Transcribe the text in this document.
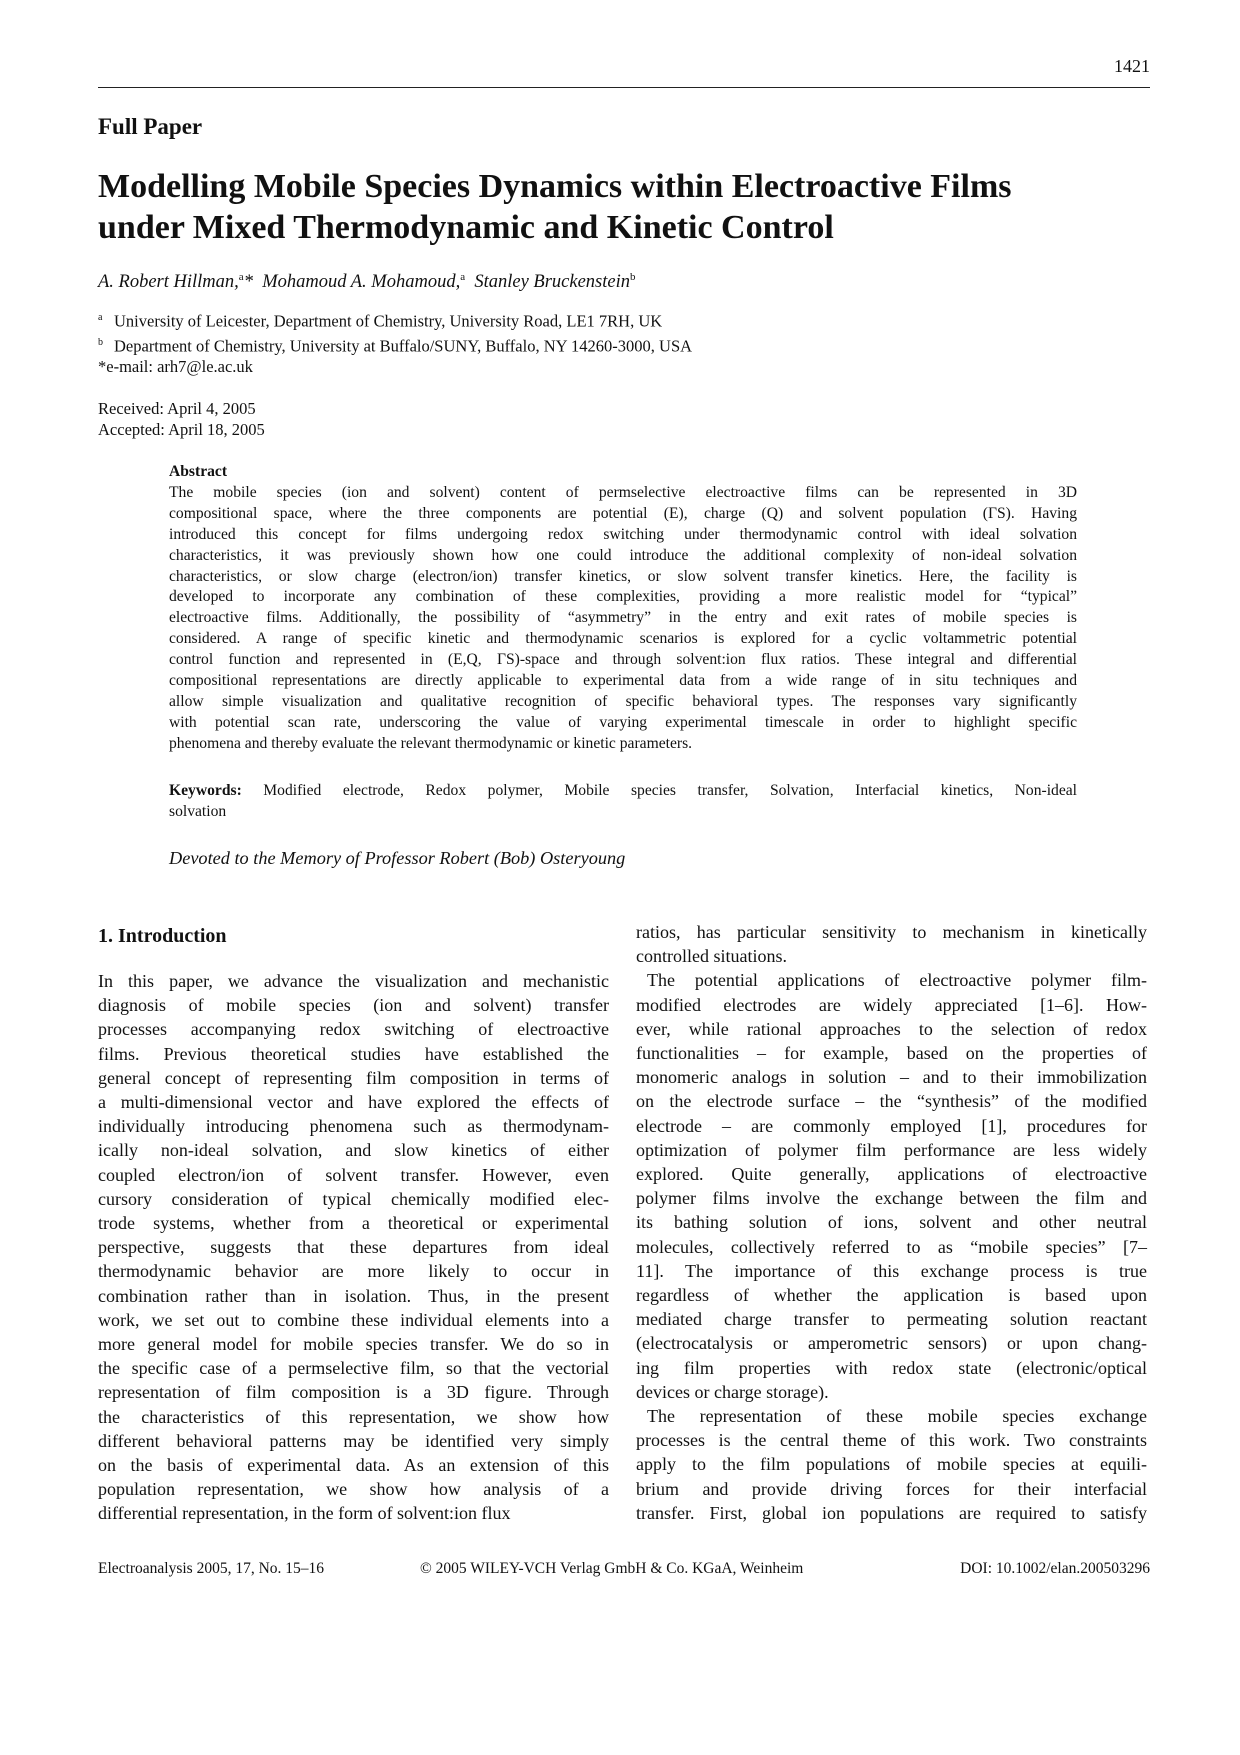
1421
Full Paper
Modelling Mobile Species Dynamics within Electroactive Films
under Mixed Thermodynamic and Kinetic Control
A. Robert Hillman,$^a$*  Mohamoud A. Mohamoud,$^a$ Stanley Bruckenstein$^b$
$^a$ University of Leicester, Department of Chemistry, University Road, LE1 7RH, UK
$^b$ Department of Chemistry, University at Buffalo/SUNY, Buffalo, NY 14260-3000, USA
*e-mail: arh7@le.ac.uk
Received: April 4, 2005
Accepted: April 18, 2005
Abstract
The mobile species (ion and solvent) content of permselective electroactive films can be represented in 3D
compositional space, where the three components are potential (E), charge (Q) and solvent population (ΓS). Having
introduced this concept for films undergoing redox switching under thermodynamic control with ideal solvation
characteristics, it was previously shown how one could introduce the additional complexity of non-ideal solvation
characteristics, or slow charge (electron/ion) transfer kinetics, or slow solvent transfer kinetics. Here, the facility is
developed to incorporate any combination of these complexities, providing a more realistic model for “typical”
electroactive films. Additionally, the possibility of “asymmetry” in the entry and exit rates of mobile species is
considered. A range of specific kinetic and thermodynamic scenarios is explored for a cyclic voltammetric potential
control function and represented in (E,Q, ΓS)-space and through solvent:ion flux ratios. These integral and differential
compositional representations are directly applicable to experimental data from a wide range of in situ techniques and
allow simple visualization and qualitative recognition of specific behavioral types. The responses vary significantly
with potential scan rate, underscoring the value of varying experimental timescale in order to highlight specific
phenomena and thereby evaluate the relevant thermodynamic or kinetic parameters.
Keywords: Modified electrode, Redox polymer, Mobile species transfer, Solvation, Interfacial kinetics, Non-ideal
solvation
Devoted to the Memory of Professor Robert (Bob) Osteryoung
1. Introduction
In this paper, we advance the visualization and mechanistic
diagnosis of mobile species (ion and solvent) transfer
processes accompanying redox switching of electroactive
films. Previous theoretical studies have established the
general concept of representing film composition in terms of
a multi-dimensional vector and have explored the effects of
individually introducing phenomena such as thermodynam-
ically non-ideal solvation, and slow kinetics of either
coupled electron/ion of solvent transfer. However, even
cursory consideration of typical chemically modified elec-
trode systems, whether from a theoretical or experimental
perspective, suggests that these departures from ideal
thermodynamic behavior are more likely to occur in
combination rather than in isolation. Thus, in the present
work, we set out to combine these individual elements into a
more general model for mobile species transfer. We do so in
the specific case of a permselective film, so that the vectorial
representation of film composition is a 3D figure. Through
the characteristics of this representation, we show how
different behavioral patterns may be identified very simply
on the basis of experimental data. As an extension of this
population representation, we show how analysis of a
differential representation, in the form of solvent:ion flux
ratios, has particular sensitivity to mechanism in kinetically
controlled situations.
The potential applications of electroactive polymer film-
modified electrodes are widely appreciated [1–6]. How-
ever, while rational approaches to the selection of redox
functionalities – for example, based on the properties of
monomeric analogs in solution – and to their immobilization
on the electrode surface – the “synthesis” of the modified
electrode – are commonly employed [1], procedures for
optimization of polymer film performance are less widely
explored. Quite generally, applications of electroactive
polymer films involve the exchange between the film and
its bathing solution of ions, solvent and other neutral
molecules, collectively referred to as “mobile species” [7–
11]. The importance of this exchange process is true
regardless of whether the application is based upon
mediated charge transfer to permeating solution reactant
(electrocatalysis or amperometric sensors) or upon chang-
ing film properties with redox state (electronic/optical
devices or charge storage).
The representation of these mobile species exchange
processes is the central theme of this work. Two constraints
apply to the film populations of mobile species at equili-
brium and provide driving forces for their interfacial
transfer. First, global ion populations are required to satisfy
Electroanalysis 2005, 17, No. 15–16	© 2005 WILEY-VCH Verlag GmbH & Co. KGaA, Weinheim	DOI: 10.1002/elan.200503296
